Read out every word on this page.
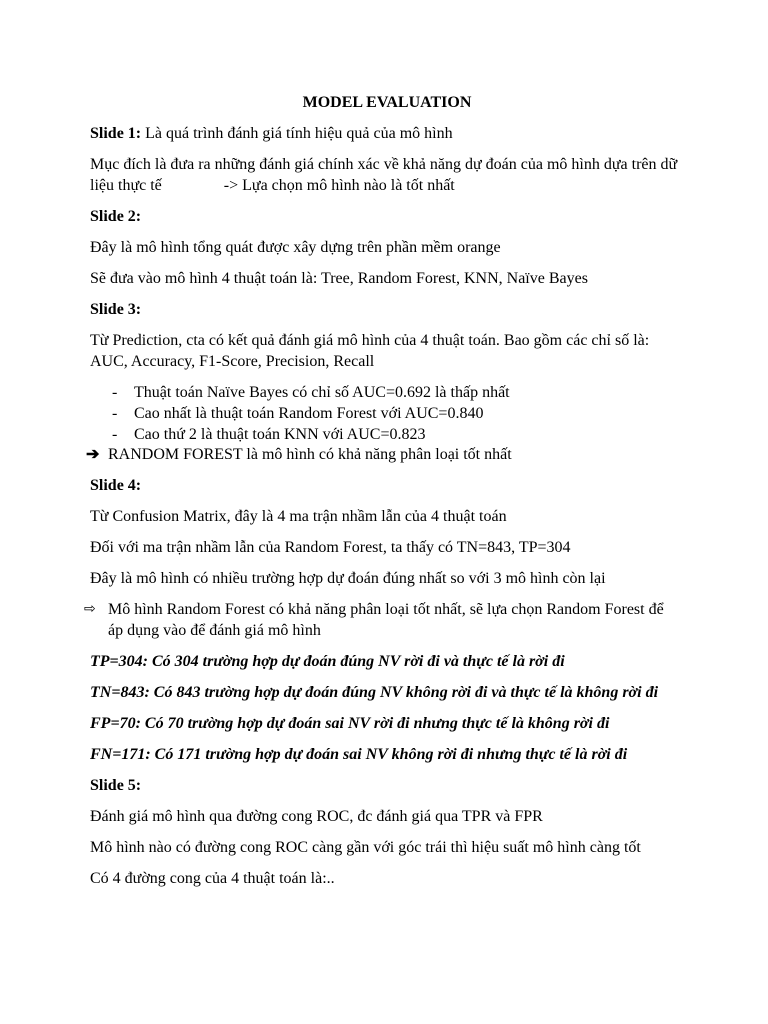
MODEL EVALUATION

Slide 1: Là quá trình đánh giá tính hiệu quả của mô hình

Mục đích là đưa ra những đánh giá chính xác về khả năng dự đoán của mô hình dựa trên dữ liệu thực tế	-> Lựa chọn mô hình nào là tốt nhất

Slide 2:

Đây là mô hình tổng quát được xây dựng trên phần mềm orange

Sẽ đưa vào mô hình 4 thuật toán là: Tree, Random Forest, KNN, Naïve Bayes

Slide 3:

Từ Prediction, cta có kết quả đánh giá mô hình của 4 thuật toán. Bao gồm các chỉ số là: AUC, Accuracy, F1-Score, Precision, Recall

- Thuật toán Naïve Bayes có chỉ số AUC=0.692 là thấp nhất
- Cao nhất là thuật toán Random Forest với AUC=0.840
- Cao thứ 2 là thuật toán KNN với AUC=0.823
➔ RANDOM FOREST là mô hình có khả năng phân loại tốt nhất

Slide 4:

Từ Confusion Matrix, đây là 4 ma trận nhầm lẫn của 4 thuật toán

Đối với ma trận nhầm lẫn của Random Forest, ta thấy có TN=843, TP=304

Đây là mô hình có nhiều trường hợp dự đoán đúng nhất so với 3 mô hình còn lại

⇨ Mô hình Random Forest có khả năng phân loại tốt nhất, sẽ lựa chọn Random Forest để áp dụng vào để đánh giá mô hình

TP=304: Có 304 trường hợp dự đoán đúng NV rời đi và thực tế là rời đi

TN=843: Có 843 trường hợp dự đoán đúng NV không rời đi và thực tế là không rời đi

FP=70: Có 70 trường hợp dự đoán sai NV rời đi nhưng thực tế là không rời đi

FN=171: Có 171 trường hợp dự đoán sai NV không rời đi nhưng thực tế là rời đi

Slide 5:

Đánh giá mô hình qua đường cong ROC, đc đánh giá qua TPR và FPR

Mô hình nào có đường cong ROC càng gần với góc trái thì hiệu suất mô hình càng tốt

Có 4 đường cong của 4 thuật toán là:..
